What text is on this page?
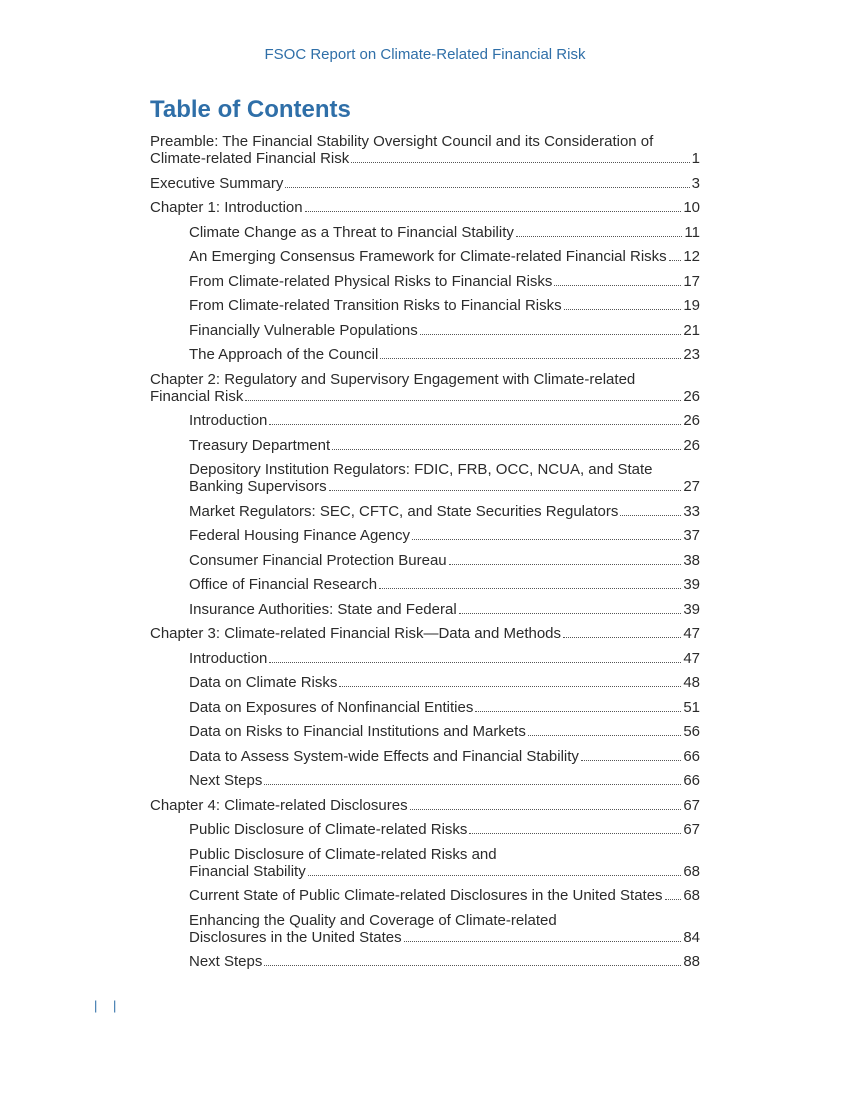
FSOC Report on Climate-Related Financial Risk
Table of Contents
Preamble: The Financial Stability Oversight Council and its Consideration of
Climate-related Financial Risk	1
Executive Summary	3
Chapter 1: Introduction	10
Climate Change as a Threat to Financial Stability	11
An Emerging Consensus Framework for Climate-related Financial Risks 12
From Climate-related Physical Risks to Financial Risks	17
From Climate-related Transition Risks to Financial Risks	19
Financially Vulnerable Populations	21
The Approach of the Council	23
Chapter 2: Regulatory and Supervisory Engagement with Climate-related
Financial Risk	26
Introduction	26
Treasury Department	26
Depository Institution Regulators: FDIC, FRB, OCC, NCUA, and State
Banking Supervisors	27
Market Regulators: SEC, CFTC, and State Securities Regulators	33
Federal Housing Finance Agency	37
Consumer Financial Protection Bureau	38
Office of Financial Research	39
Insurance Authorities: State and Federal	39
Chapter 3: Climate-related Financial Risk—Data and Methods	47
Introduction	47
Data on Climate Risks	48
Data on Exposures of Nonfinancial Entities	51
Data on Risks to Financial Institutions and Markets	56
Data to Assess System-wide Effects and Financial Stability	66
Next Steps	66
Chapter 4: Climate-related Disclosures	67
Public Disclosure of Climate-related Risks	67
Public Disclosure of Climate-related Risks and
Financial Stability	68
Current State of Public Climate-related Disclosures in the United States 68
Enhancing the Quality and Coverage of Climate-related
Disclosures in the United States	84
Next Steps	88
| |
